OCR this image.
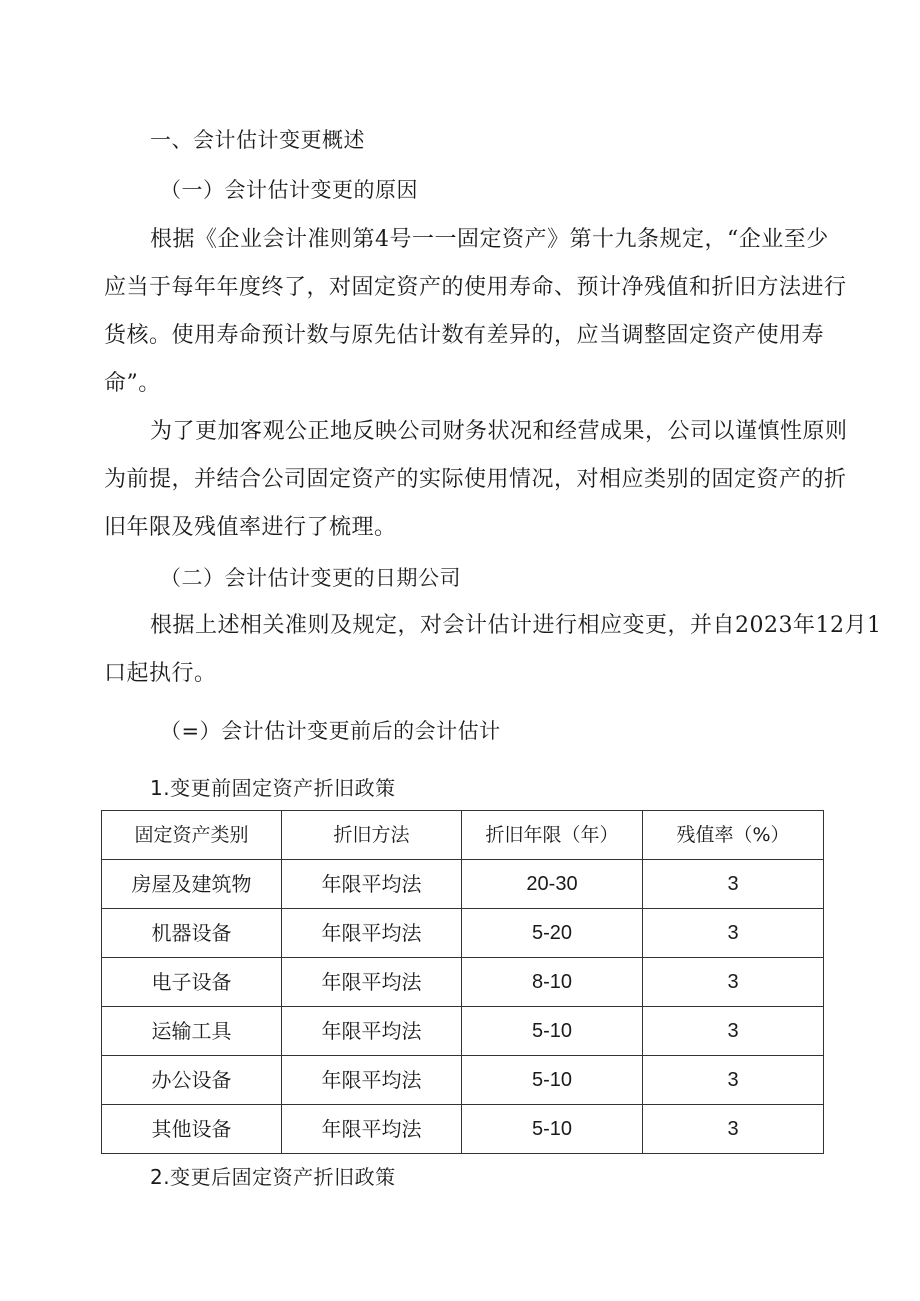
一、会计估计变更概述
（一）会计估计变更的原因
根据《企业会计准则第4号一一固定资产》第十九条规定，“企业至少
应当于每年年度终了，对固定资产的使用寿命、预计净残值和折旧方法进行
货核。使用寿命预计数与原先估计数有差异的，应当调整固定资产使用寿
命”。
为了更加客观公正地反映公司财务状况和经营成果，公司以谨慎性原则
为前提，并结合公司固定资产的实际使用情况，对相应类别的固定资产的折
旧年限及残值率进行了梳理。
（二）会计估计变更的日期公司
根据上述相关准则及规定，对会计估计进行相应变更，并自2023年12月1
口起执行。
（=）会计估计变更前后的会计估计
1.变更前固定资产折旧政策
固定资产类别	折旧方法	折旧年限（年）	残值率（%）
房屋及建筑物	年限平均法	20-30	3
机器设备	年限平均法	5-20	3
电子设备	年限平均法	8-10	3
运输工具	年限平均法	5-10	3
办公设备	年限平均法	5-10	3
其他设备	年限平均法	5-10	3
2.变更后固定资产折旧政策
